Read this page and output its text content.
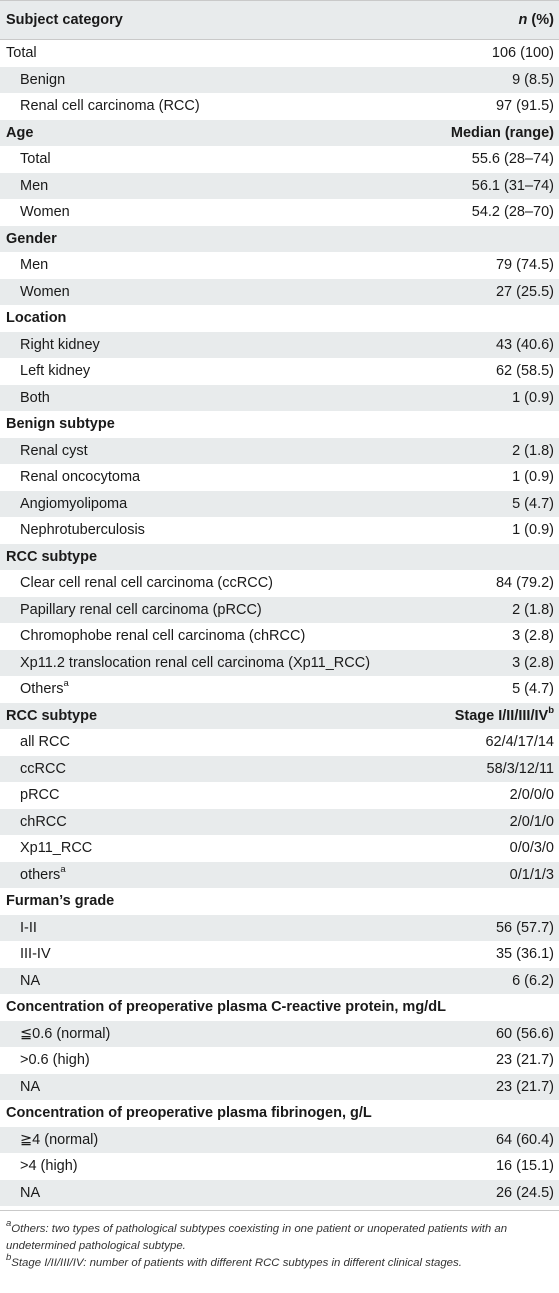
Subject category	n (%)
Total	106 (100)
Benign	9 (8.5)
Renal cell carcinoma (RCC)	97 (91.5)
Age	Median (range)
Total	55.6 (28–74)
Men	56.1 (31–74)
Women	54.2 (28–70)
Gender
Men	79 (74.5)
Women	27 (25.5)
Location
Right kidney	43 (40.6)
Left kidney	62 (58.5)
Both	1 (0.9)
Benign subtype
Renal cyst	2 (1.8)
Renal oncocytoma	1 (0.9)
Angiomyolipoma	5 (4.7)
Nephrotuberculosis	1 (0.9)
RCC subtype
Clear cell renal cell carcinoma (ccRCC)	84 (79.2)
Papillary renal cell carcinoma (pRCC)	2 (1.8)
Chromophobe renal cell carcinoma (chRCC)	3 (2.8)
Xp11.2 translocation renal cell carcinoma (Xp11_RCC)	3 (2.8)
Others$^a$	5 (4.7)
RCC subtype	Stage $I/II/III/IV^b$
all RCC	62/4/17/14
ccRCC	58/3/12/11
pRCC	2/0/0/0
chRCC	2/0/1/0
Xp11_RCC	0/0/3/0
others$^a$	0/1/1/3
Furman’s grade
I-II	56 (57.7)
III-IV	35 (36.1)
NA	6 (6.2)
Concentration of preoperative plasma C-reactive protein, mg/dL
≦0.6 (normal)	60 (56.6)
>0.6 (high)	23 (21.7)
NA	23 (21.7)
Concentration of preoperative plasma fibrinogen, g/L
≧4 (normal)	64 (60.4)
>4 (high)	16 (15.1)
NA	26 (24.5)

$^a$Others: two types of pathological subtypes coexisting in one patient or unoperated patients with an undetermined pathological subtype.

$^b$Stage I/II/III/IV: number of patients with different RCC subtypes in different clinical stages.
